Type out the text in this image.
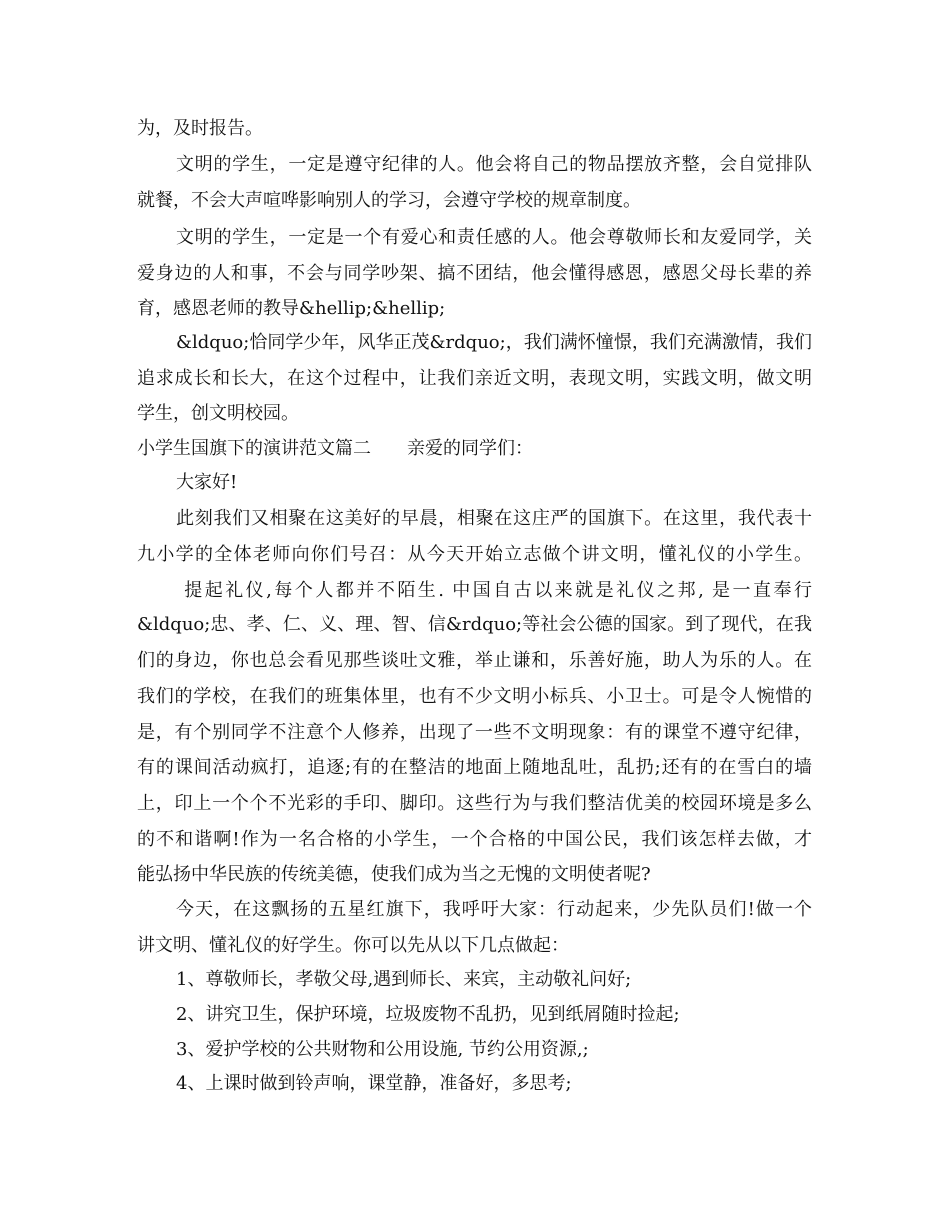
为，及时报告。
文明的学生，一定是遵守纪律的人。他会将自己的物品摆放齐整，会自觉排队
就餐，不会大声喧哗影响别人的学习，会遵守学校的规章制度。
文明的学生，一定是一个有爱心和责任感的人。他会尊敬师长和友爱同学，关
爱身边的人和事，不会与同学吵架、搞不团结，他会懂得感恩，感恩父母长辈的养
育，感恩老师的教导&hellip;&hellip;
&ldquo;恰同学少年，风华正茂&rdquo;，我们满怀憧憬，我们充满激情，我们
追求成长和长大，在这个过程中，让我们亲近文明，表现文明，实践文明，做文明
学生，创文明校园。
小学生国旗下的演讲范文篇二　　亲爱的同学们：
大家好!
此刻我们又相聚在这美好的早晨，相聚在这庄严的国旗下。在这里，我代表十
九小学的全体老师向你们号召：从今天开始立志做个讲文明，懂礼仪的小学生。
提起礼仪,每个人都并不陌生. 中国自古以来就是礼仪之邦, 是一直奉行
&ldquo;忠、孝、仁、义、理、智、信&rdquo;等社会公德的国家。到了现代，在我
们的身边，你也总会看见那些谈吐文雅，举止谦和，乐善好施，助人为乐的人。在
我们的学校，在我们的班集体里，也有不少文明小标兵、小卫士。可是令人惋惜的
是，有个别同学不注意个人修养，出现了一些不文明现象：有的课堂不遵守纪律，
有的课间活动疯打，追逐;有的在整洁的地面上随地乱吐，乱扔;还有的在雪白的墙
上，印上一个个不光彩的手印、脚印。这些行为与我们整洁优美的校园环境是多么
的不和谐啊!作为一名合格的小学生，一个合格的中国公民，我们该怎样去做，才
能弘扬中华民族的传统美德，使我们成为当之无愧的文明使者呢?
今天，在这飘扬的五星红旗下，我呼吁大家：行动起来，少先队员们!做一个
讲文明、懂礼仪的好学生。你可以先从以下几点做起：
1、尊敬师长，孝敬父母,遇到师长、来宾，主动敬礼问好;
2、讲究卫生，保护环境，垃圾废物不乱扔，见到纸屑随时捡起;
3、爱护学校的公共财物和公用设施, 节约公用资源,;
4、上课时做到铃声响，课堂静，准备好，多思考;
